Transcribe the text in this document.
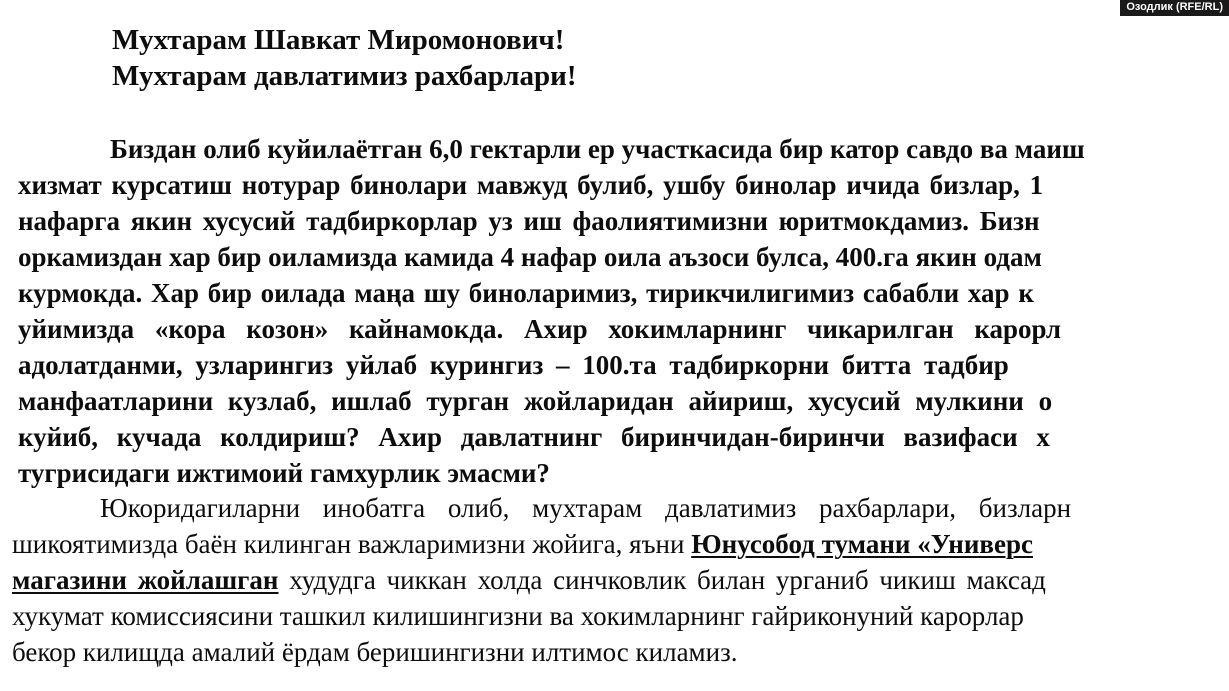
Озодлик (RFE/RL)
Мухтарам Шавкат Миромонович!
Мухтарам давлатимиз рахбарлари!
Биздан олиб куйилаётган 6,0 гектарли ер участкасида бир катор савдо ва маиш
хизмат курсатиш нотурар бинолари мавжуд булиб, ушбу бинолар ичида бизлар, 1
нафарга якин хусусий тадбиркорлар уз иш фаолиятимизни юритмокдамиз. Бизн
оркамиздан хар бир оиламизда камида 4 нафар оила аъзоси булса, 400.га якин одам
курмокда. Хар бир оилада маңа шу биноларимиз, тирикчилигимиз сабабли хар к
уйимизда «кора козон» кайнамокда. Ахир хокимларнинг чикарилган карорл
адолатданми, узларингиз уйлаб курингиз – 100.та тадбиркорни битта тадбир
манфаатларини кузлаб, ишлаб турган жойларидан айириш, хусусий мулкини о
куйиб, кучада колдириш? Ахир давлатнинг биринчидан-биринчи вазифаси х
тугрисидаги ижтимоий гамхурлик эмасми?
Юкоридагиларни инобатга олиб, мухтарам давлатимиз рахбарлари, бизларн
шикоятимизда баён килинган важларимизни жойига, яъни Юнусобод тумани «Универс
магазини жойлашган худудга чиккан холда синчковлик билан урганиб чикиш максад
хукумат комиссиясини ташкил килишингизни ва хокимларнинг гайриконуний карорлар
бекор килищда амалий ёрдам беришингизни илтимос киламиз.
